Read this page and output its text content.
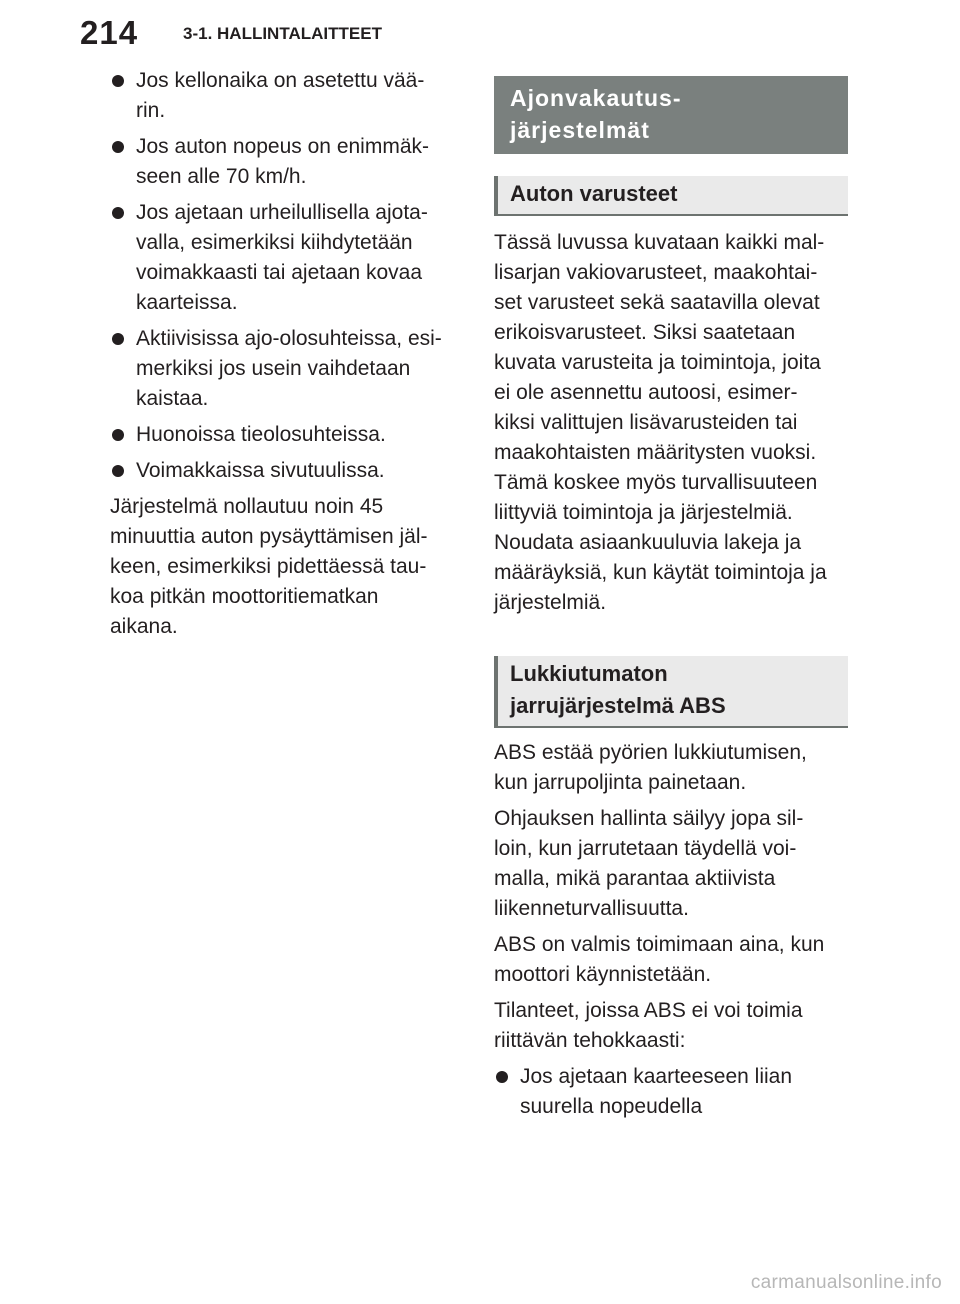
214	3-1. HALLINTALAITTEET
Jos kellonaika on asetettu vää-
rin.
Jos auton nopeus on enimmäk-
seen alle 70 km/h.
Jos ajetaan urheilullisella ajota-
valla, esimerkiksi kiihdytetään
voimakkaasti tai ajetaan kovaa
kaarteissa.
Aktiivisissa ajo-olosuhteissa, esi-
merkiksi jos usein vaihdetaan
kaistaa.
Huonoissa tieolosuhteissa.
Voimakkaissa sivutuulissa.

Järjestelmä nollautuu noin 45
minuuttia auton pysäyttämisen jäl-
keen, esimerkiksi pidettäessä tau-
koa pitkän moottoritiematkan
aikana.

Ajonvakautus-
järjestelmät
Auton varusteet

Tässä luvussa kuvataan kaikki mal-
lisarjan vakiovarusteet, maakohtai-
set varusteet sekä saatavilla olevat
erikoisvarusteet. Siksi saatetaan
kuvata varusteita ja toimintoja, joita
ei ole asennettu autoosi, esimer-
kiksi valittujen lisävarusteiden tai
maakohtaisten määritysten vuoksi.
Tämä koskee myös turvallisuuteen
liittyviä toimintoja ja järjestelmiä.
Noudata asiaankuuluvia lakeja ja
määräyksiä, kun käytät toimintoja ja
järjestelmiä.

Lukkiutumaton
jarrujärjestelmä ABS

ABS estää pyörien lukkiutumisen,
kun jarrupoljinta painetaan.

Ohjauksen hallinta säilyy jopa sil-
loin, kun jarrutetaan täydellä voi-
malla, mikä parantaa aktiivista
liikenneturvallisuutta.

ABS on valmis toimimaan aina, kun
moottori käynnistetään.

Tilanteet, joissa ABS ei voi toimia
riittävän tehokkaasti:

Jos ajetaan kaarteeseen liian
suurella nopeudella
carmanualsonline.info
